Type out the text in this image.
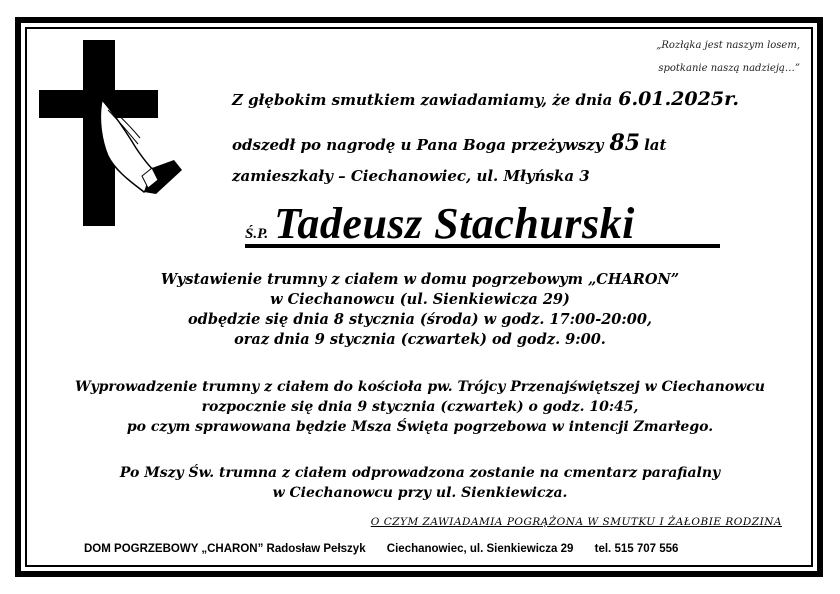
„Rozłąka jest naszym losem,
spotkanie naszą nadzieją…”
Z głębokim smutkiem zawiadamiamy, że dnia 6.01.2025r.
odszedł po nagrodę u Pana Boga przeżywszy 85 lat
zamieszkały – Ciechanowiec, ul. Młyńska 3
Ś.P. Tadeusz Stachurski
Wystawienie trumny z ciałem w domu pogrzebowym „CHARON”
w Ciechanowcu (ul. Sienkiewicza 29)
odbędzie się dnia 8 stycznia (środa) w godz. 17:00-20:00,
oraz dnia 9 stycznia (czwartek) od godz. 9:00.
Wyprowadzenie trumny z ciałem do kościoła pw. Trójcy Przenajświętszej w Ciechanowcu
rozpocznie się dnia 9 stycznia (czwartek) o godz. 10:45,
po czym sprawowana będzie Msza Święta pogrzebowa w intencji Zmarłego.
Po Mszy Św. trumna z ciałem odprowadzona zostanie na cmentarz parafialny
w Ciechanowcu przy ul. Sienkiewicza.
O CZYM ZAWIADAMIA POGRĄŻONA W SMUTKU I ŻAŁOBIE RODZINA
DOM POGRZEBOWY „CHARON” Radosław Pełszyk Ciechanowiec, ul. Sienkiewicza 29 tel. 515 707 556
